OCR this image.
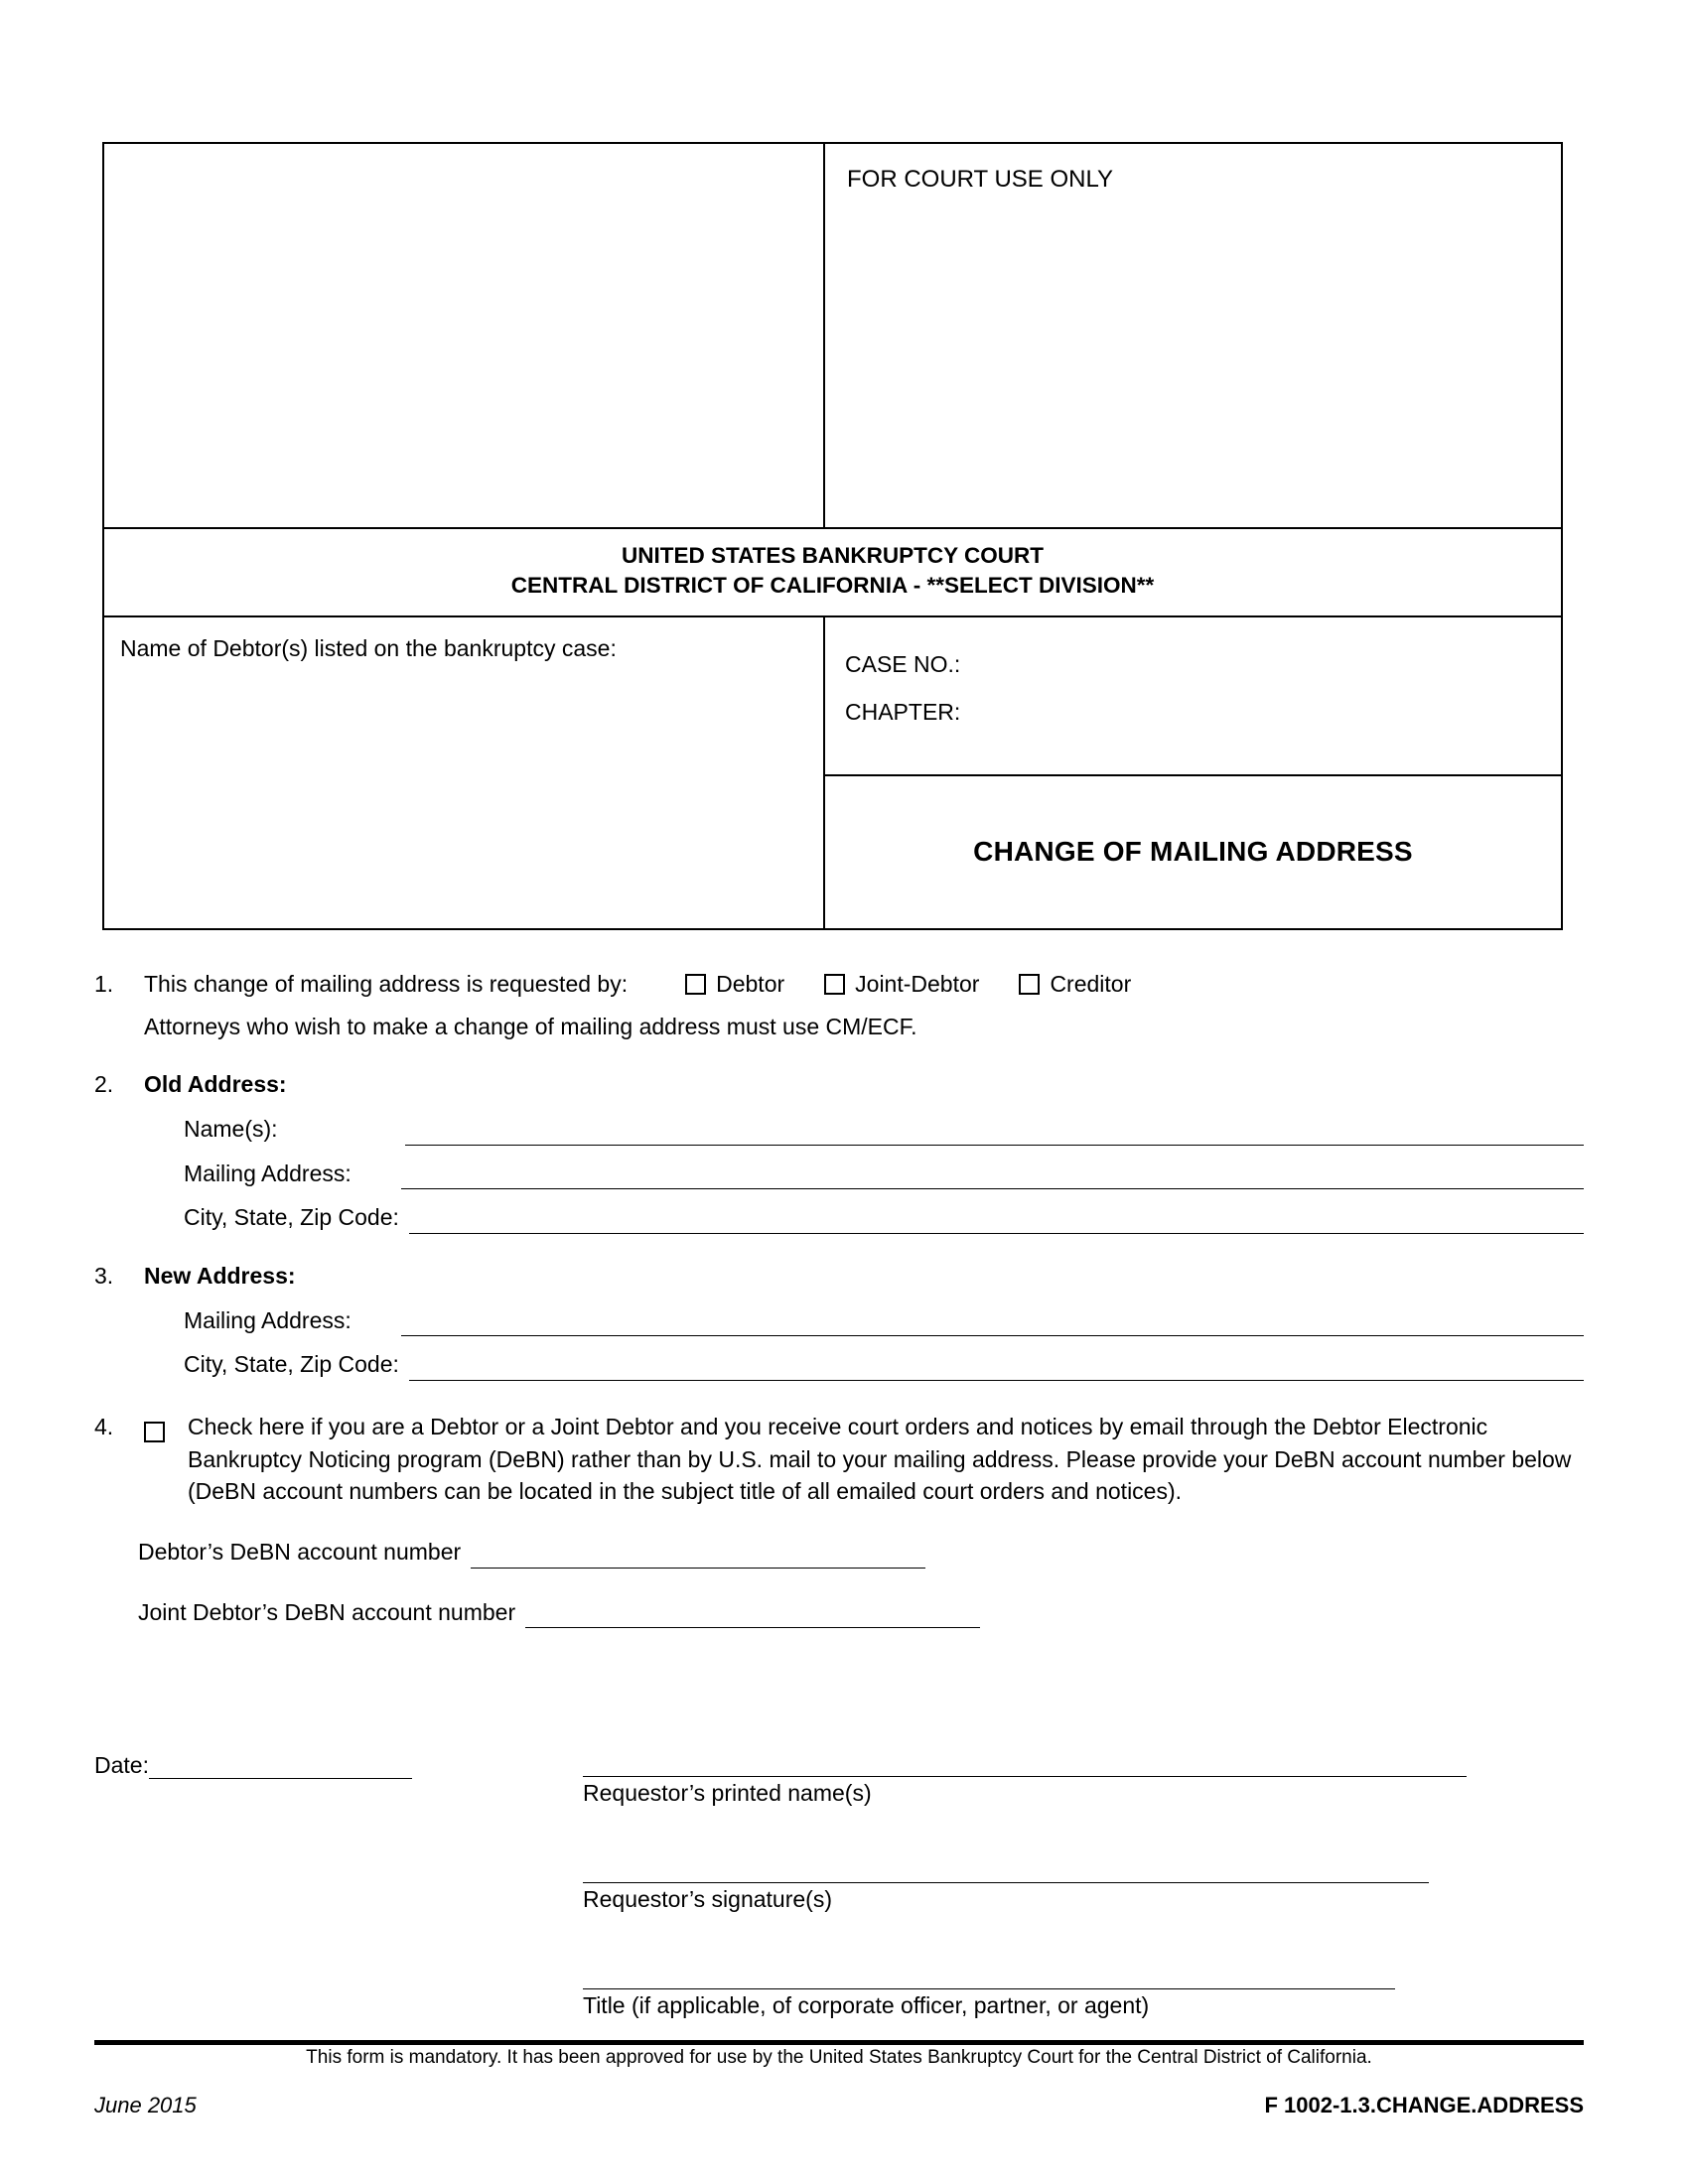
FOR COURT USE ONLY
UNITED STATES BANKRUPTCY COURT
CENTRAL DISTRICT OF CALIFORNIA - **SELECT DIVISION**
Name of Debtor(s) listed on the bankruptcy case:
CASE NO.:
CHAPTER:
CHANGE OF MAILING ADDRESS
1.	This change of mailing address is requested by:	Debtor	Joint-Debtor	Creditor
Attorneys who wish to make a change of mailing address must use CM/ECF.
2.	Old Address:
Name(s):
Mailing Address:
City, State, Zip Code:
3.	New Address:
Mailing Address:
City, State, Zip Code:
4.	Check here if you are a Debtor or a Joint Debtor and you receive court orders and notices by email through the Debtor Electronic Bankruptcy Noticing program (DeBN) rather than by U.S. mail to your mailing address. Please provide your DeBN account number below (DeBN account numbers can be located in the subject title of all emailed court orders and notices).
Debtor’s DeBN account number
Joint Debtor’s DeBN account number
Date:
Requestor’s printed name(s)
Requestor’s signature(s)
Title (if applicable, of corporate officer, partner, or agent)
This form is mandatory. It has been approved for use by the United States Bankruptcy Court for the Central District of California.
June 2015	F 1002-1.3.CHANGE.ADDRESS
